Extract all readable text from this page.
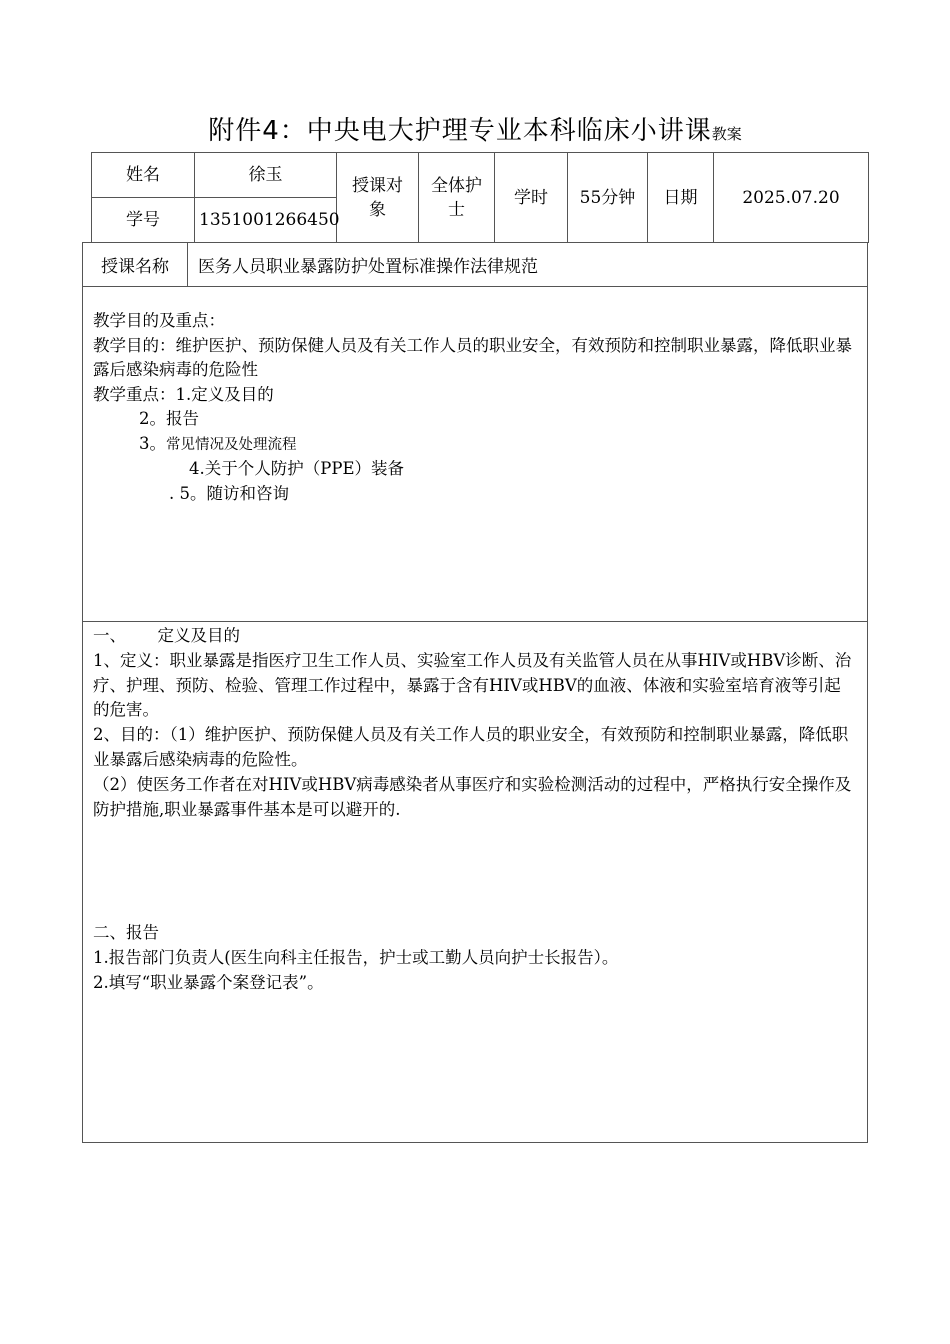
附件4：中央电大护理专业本科临床小讲课教案
姓名	徐玉	授课对象	全体护士	学时	55分钟	日期	2025.07.20
学号	1351001266450						
授课名称	医务人员职业暴露防护处置标准操作法律规范

教学目的及重点：

教学目的：维护医护、预防保健人员及有关工作人员的职业安全，有效预防和控制职业暴露，降低职业暴露后感染病毒的危险性

教学重点：1.定义及目的

2。报告

3。常见情况及处理流程

4.关于个人防护（PPE）装备

. 5。随访和咨询

一、      定义及目的

1、定义：职业暴露是指医疗卫生工作人员、实验室工作人员及有关监管人员在从事HIV或HBV诊断、治疗、护理、预防、检验、管理工作过程中，暴露于含有HIV或HBV的血液、体液和实验室培育液等引起的危害。

2、目的：（1）维护医护、预防保健人员及有关工作人员的职业安全，有效预防和控制职业暴露，降低职业暴露后感染病毒的危险性。

（2）使医务工作者在对HIV或HBV病毒感染者从事医疗和实验检测活动的过程中，严格执行安全操作及防护措施,职业暴露事件基本是可以避开的.

二、报告

1.报告部门负责人(医生向科主任报告，护士或工勤人员向护士长报告）。

2.填写“职业暴露个案登记表”。
